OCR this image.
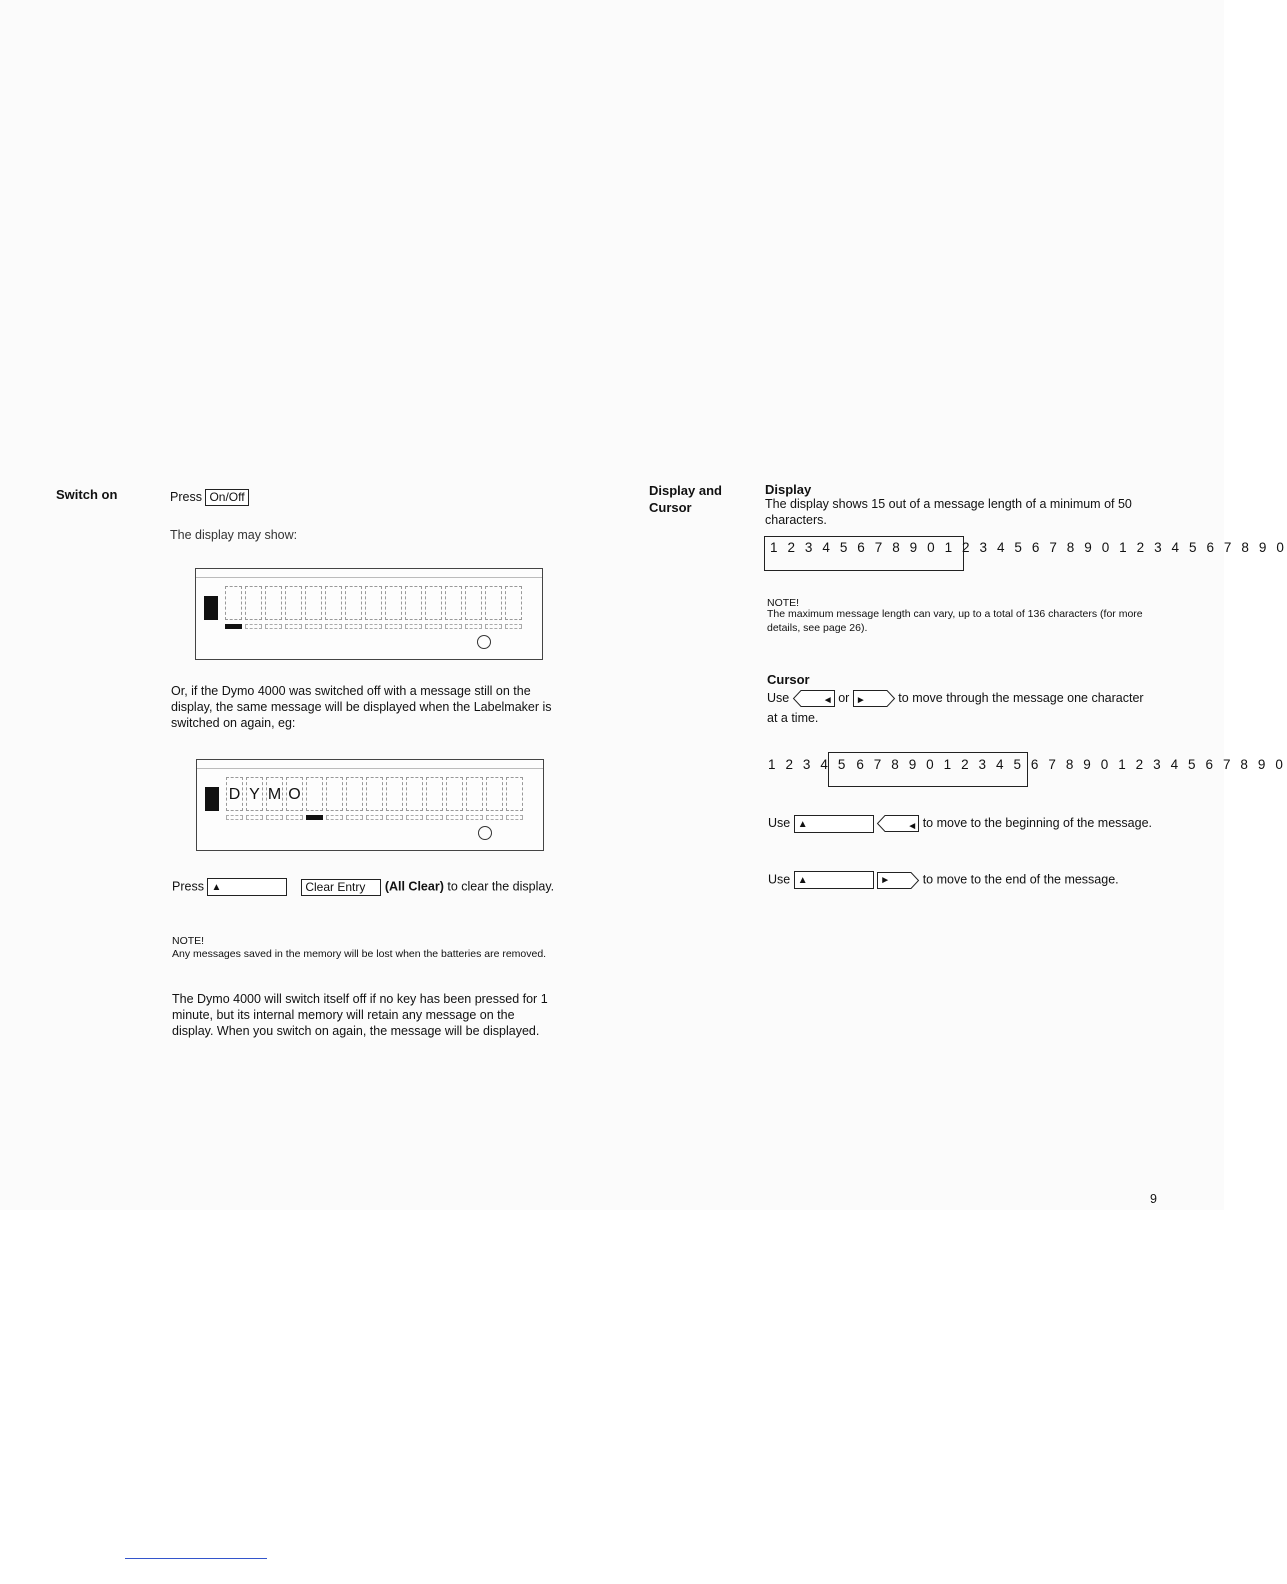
Switch on	Press On/Off
The display may show:
Or, if the Dymo 4000 was switched off with a message still on the display, the same message will be displayed when the Labelmaker is switched on again, eg:
D Y M O
Press ▲	Clear Entry (All Clear) to clear the display.
NOTE!
Any messages saved in the memory will be lost when the batteries are removed.
The Dymo 4000 will switch itself off if no key has been pressed for 1 minute, but its internal memory will retain any message on the display. When you switch on again, the message will be displayed.
Display and
Cursor
Display
The display shows 15 out of a message length of a minimum of 50 characters.
1 2 3 4 5 6 7 8 9 0 1 2 3 4 5 6 7 8 9 0 1 2 3 4 5 6 7 8 9 0
NOTE!
The maximum message length can vary, up to a total of 136 characters (for more details, see page 26).
Cursor
Use	◄ or ►	to move through the message one character at a time.
1 2 3 4 5 6 7 8 9 0 1 2 3 4 5 6 7 8 9 0 1 2 3 4 5 6 7 8 9 0
Use ▲	◄ to move to the beginning of the message.
Use ▲	►	to move to the end of the message.
9
